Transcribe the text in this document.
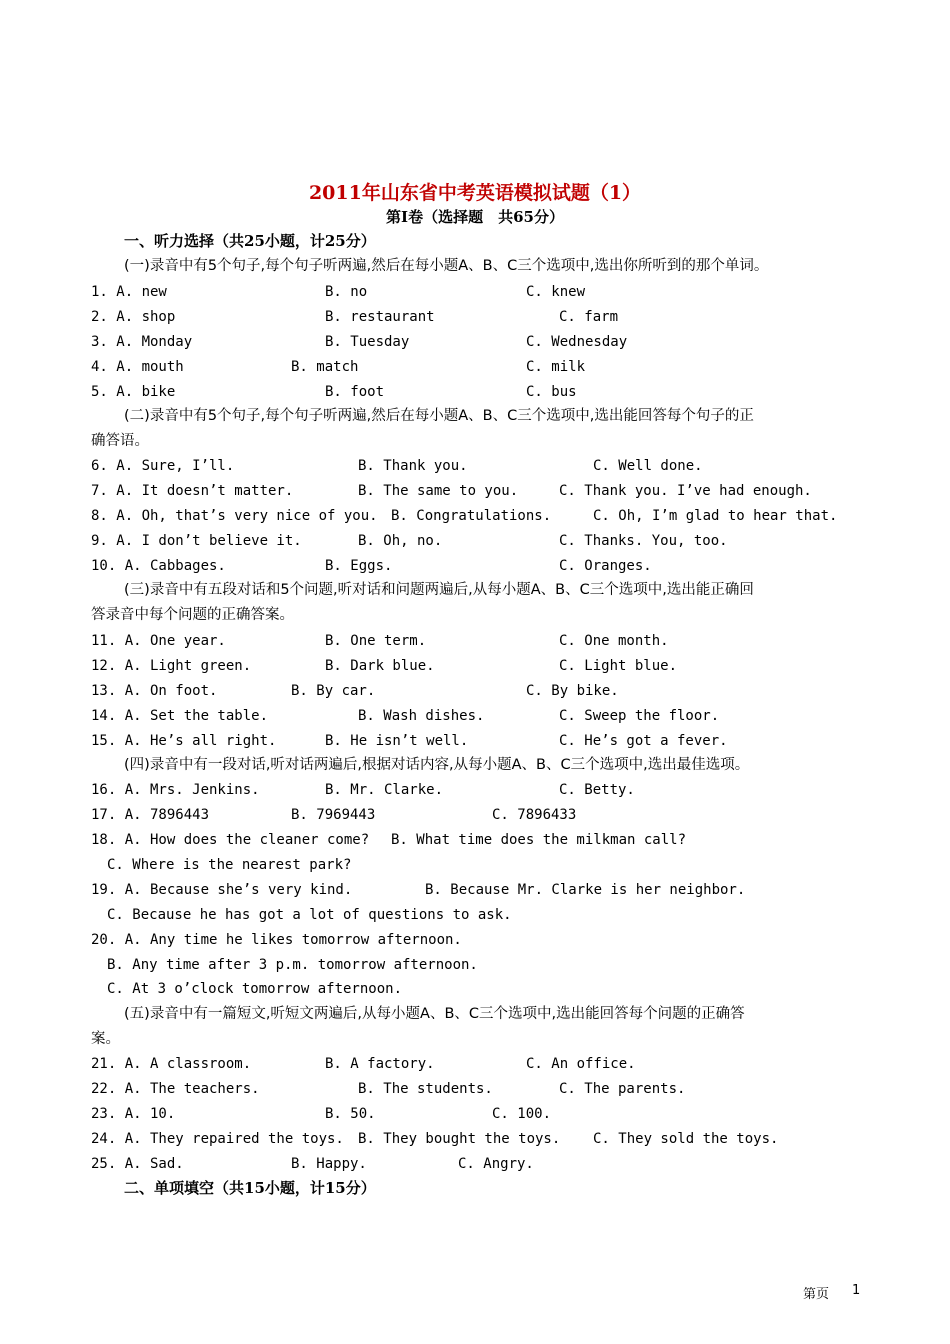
2011年山东省中考英语模拟试题（1）
第Ⅰ卷（选择题　共65分）
一、听力选择（共25小题，计25分）
(一)录音中有5个句子,每个句子听两遍,然后在每小题A、B、C三个选项中,选出你所听到的那个单词。
1. A. new	B. no	C. knew
2. A. shop	B. restaurant	C. farm
3. A. Monday	B. Tuesday	C. Wednesday
4. A. mouth	B. match	C. milk
5. A. bike	B. foot	C. bus
(二)录音中有5个句子,每个句子听两遍,然后在每小题A、B、C三个选项中,选出能回答每个句子的正
确答语。
6. A. Sure, I’ll.	B. Thank you.	C. Well done.
7. A. It doesn’t matter.	B. The same to you.	C. Thank you. I’ve had enough.
8. A. Oh, that’s very nice of you. B. Congratulations.	C. Oh, I’m glad to hear that.
9. A. I don’t believe it.	B. Oh, no.	C. Thanks. You, too.
10. A. Cabbages.	B. Eggs.	C. Oranges.
(三)录音中有五段对话和5个问题,听对话和问题两遍后,从每小题A、B、C三个选项中,选出能正确回
答录音中每个问题的正确答案。
11. A. One year.	B. One term.	C. One month.
12. A. Light green.	B. Dark blue.	C. Light blue.
13. A. On foot.	B. By car.	C. By bike.
14. A. Set the table.	B. Wash dishes.	C. Sweep the floor.
15. A. He’s all right.	B. He isn’t well.	C. He’s got a fever.
(四)录音中有一段对话,听对话两遍后,根据对话内容,从每小题A、B、C三个选项中,选出最佳选项。
16. A. Mrs. Jenkins.	B. Mr. Clarke.	C. Betty.
17. A. 7896443	B. 7969443	C. 7896433
18. A. How does the cleaner come? B. What time does the milkman call?
C. Where is the nearest park?
19. A. Because she’s very kind.	B. Because Mr. Clarke is her neighbor.
C. Because he has got a lot of questions to ask.
20. A. Any time he likes tomorrow afternoon.
B. Any time after 3 p.m. tomorrow afternoon.
C. At 3 o’clock tomorrow afternoon.
(五)录音中有一篇短文,听短文两遍后,从每小题A、B、C三个选项中,选出能回答每个问题的正确答
案。
21. A. A classroom.	B. A factory.	C. An office.
22. A. The teachers.	B. The students.	C. The parents.
23. A. 10.	B. 50.	C. 100.
24. A. They repaired the toys. B. They bought the toys. C. They sold the toys.
25. A. Sad.	B. Happy.	C. Angry.
二、单项填空（共15小题，计15分）
第页 1
